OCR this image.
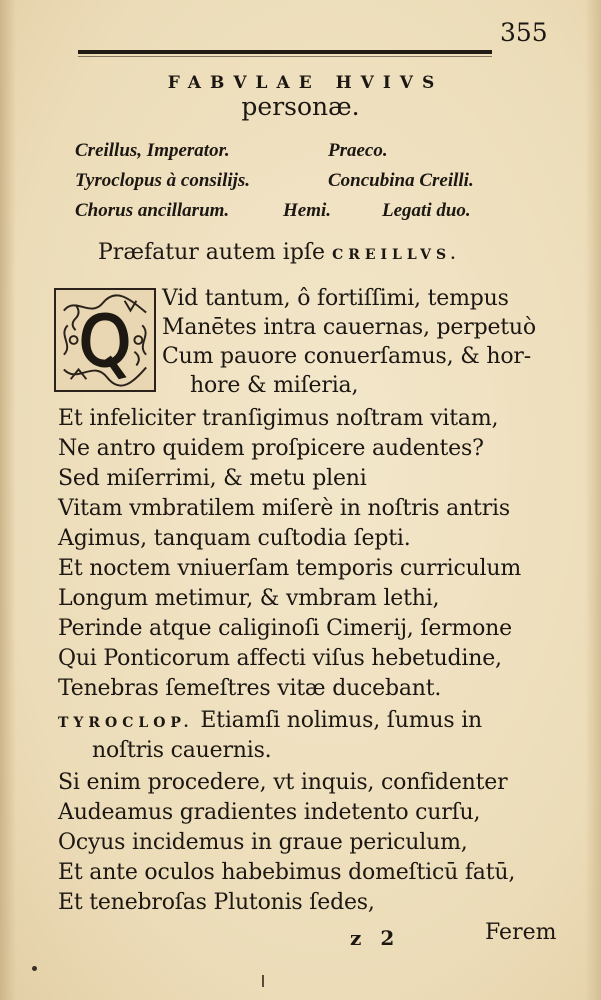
355
FABVLAE HVIVS
personæ.
Creillus, Imperator.	Praeco.
Tyroclopus à consilijs.	Concubina Creilli.
Chorus ancillarum.	Hemi.	Legati duo.
Præfatur autem ipſe CREILLVS.
Vid tantum, ô fortiſſimi, tempus
Manētes intra cauernas, perpetuò
Cum pauore conuerſamus, & hor-
hore & miſeria,
Et infeliciter tranſigimus noſtram vitam,
Ne antro quidem proſpicere audentes?
Sed miſerrimi, & metu pleni
Vitam vmbratilem miſerè in noſtris antris
Agimus, tanquam cuſtodia ſepti.
Et noctem vniuerſam temporis curriculum
Longum metimur, & vmbram lethi,
Perinde atque caliginoſi Cimerij, ſermone
Qui Ponticorum affecti viſus hebetudine,
Tenebras ſemeſtres vitæ ducebant.
TYROCLOP. Etiamſi nolimus, ſumus in
noſtris cauernis.
Si enim procedere, vt inquis, confidenter
Audeamus gradientes indetento curſu,
Ocyus incidemus in graue periculum,
Et ante oculos habebimus domeſticū fatū,
Et tenebroſas Plutonis ſedes,
z 2	Ferem
